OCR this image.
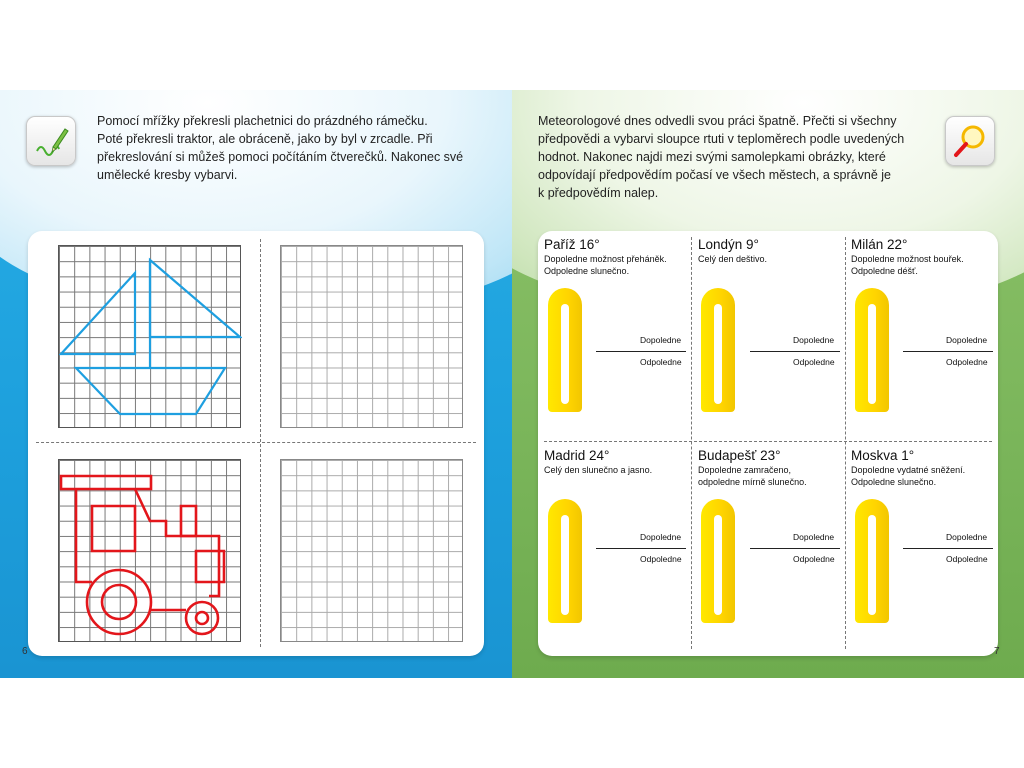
Pomocí mřížky překresli plachetnici do prázdného rámečku.
Poté překresli traktor, ale obráceně, jako by byl v zrcadle. Při
překreslování si můžeš pomoci počítáním čtverečků. Nakonec své
umělecké kresby vybarvi.
6
Meteorologové dnes odvedli svou práci špatně. Přečti si všechny
předpovědi a vybarvi sloupce rtuti v teploměrech podle uvedených
hodnot. Nakonec najdi mezi svými samolepkami obrázky, které
odpovídají předpovědím počasí ve všech městech, a správně je
k předpovědím nalep.
Paříž 16°
Dopoledne možnost přeháněk.
Odpoledne slunečno.
Londýn 9°
Celý den deštivo.
Milán 22°
Dopoledne možnost bouřek.
Odpoledne déšť.
Madrid 24°
Celý den slunečno a jasno.
Budapešť 23°
Dopoledne zamračeno,
odpoledne mírně slunečno.
Moskva 1°
Dopoledne vydatné sněžení.
Odpoledne slunečno.
Dopoledne
Odpoledne
Dopoledne
Odpoledne
Dopoledne
Odpoledne
Dopoledne
Odpoledne
Dopoledne
Odpoledne
Dopoledne
Odpoledne
7
